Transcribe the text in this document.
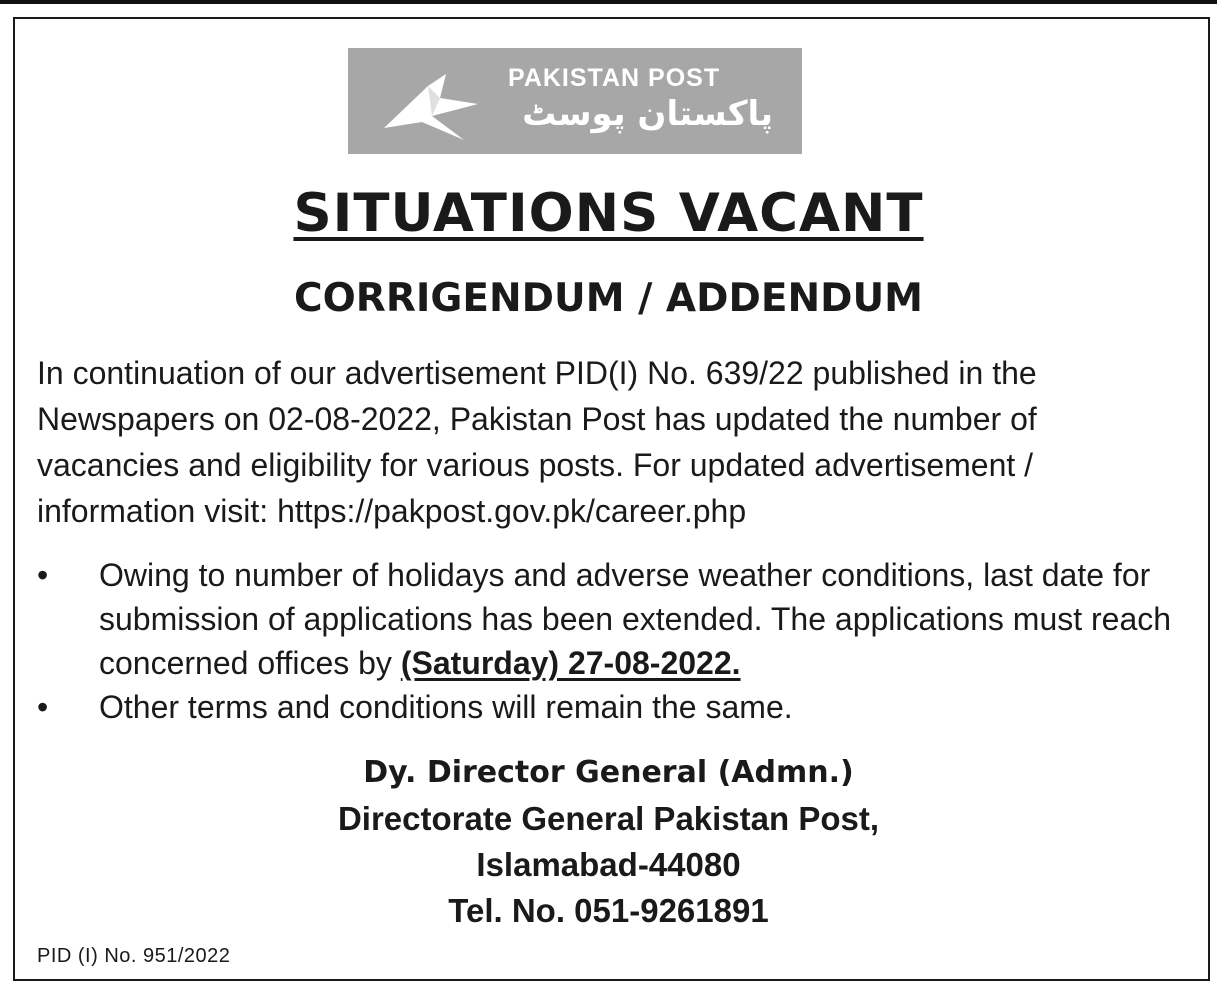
PAKISTAN POST
پاکستان پوسٹ
SITUATIONS VACANT
CORRIGENDUM / ADDENDUM

In continuation of our advertisement PID(I) No. 639/22 published in the Newspapers on 02-08-2022, Pakistan Post has updated the number of vacancies and eligibility for various posts. For updated advertisement / information visit: https://pakpost.gov.pk/career.php

• Owing to number of holidays and adverse weather conditions, last date for submission of applications has been extended. The applications must reach concerned offices by (Saturday) 27-08-2022.
• Other terms and conditions will remain the same.
Dy. Director General (Admn.)
Directorate General Pakistan Post,
Islamabad-44080
Tel. No. 051-9261891
PID (I) No. 951/2022
